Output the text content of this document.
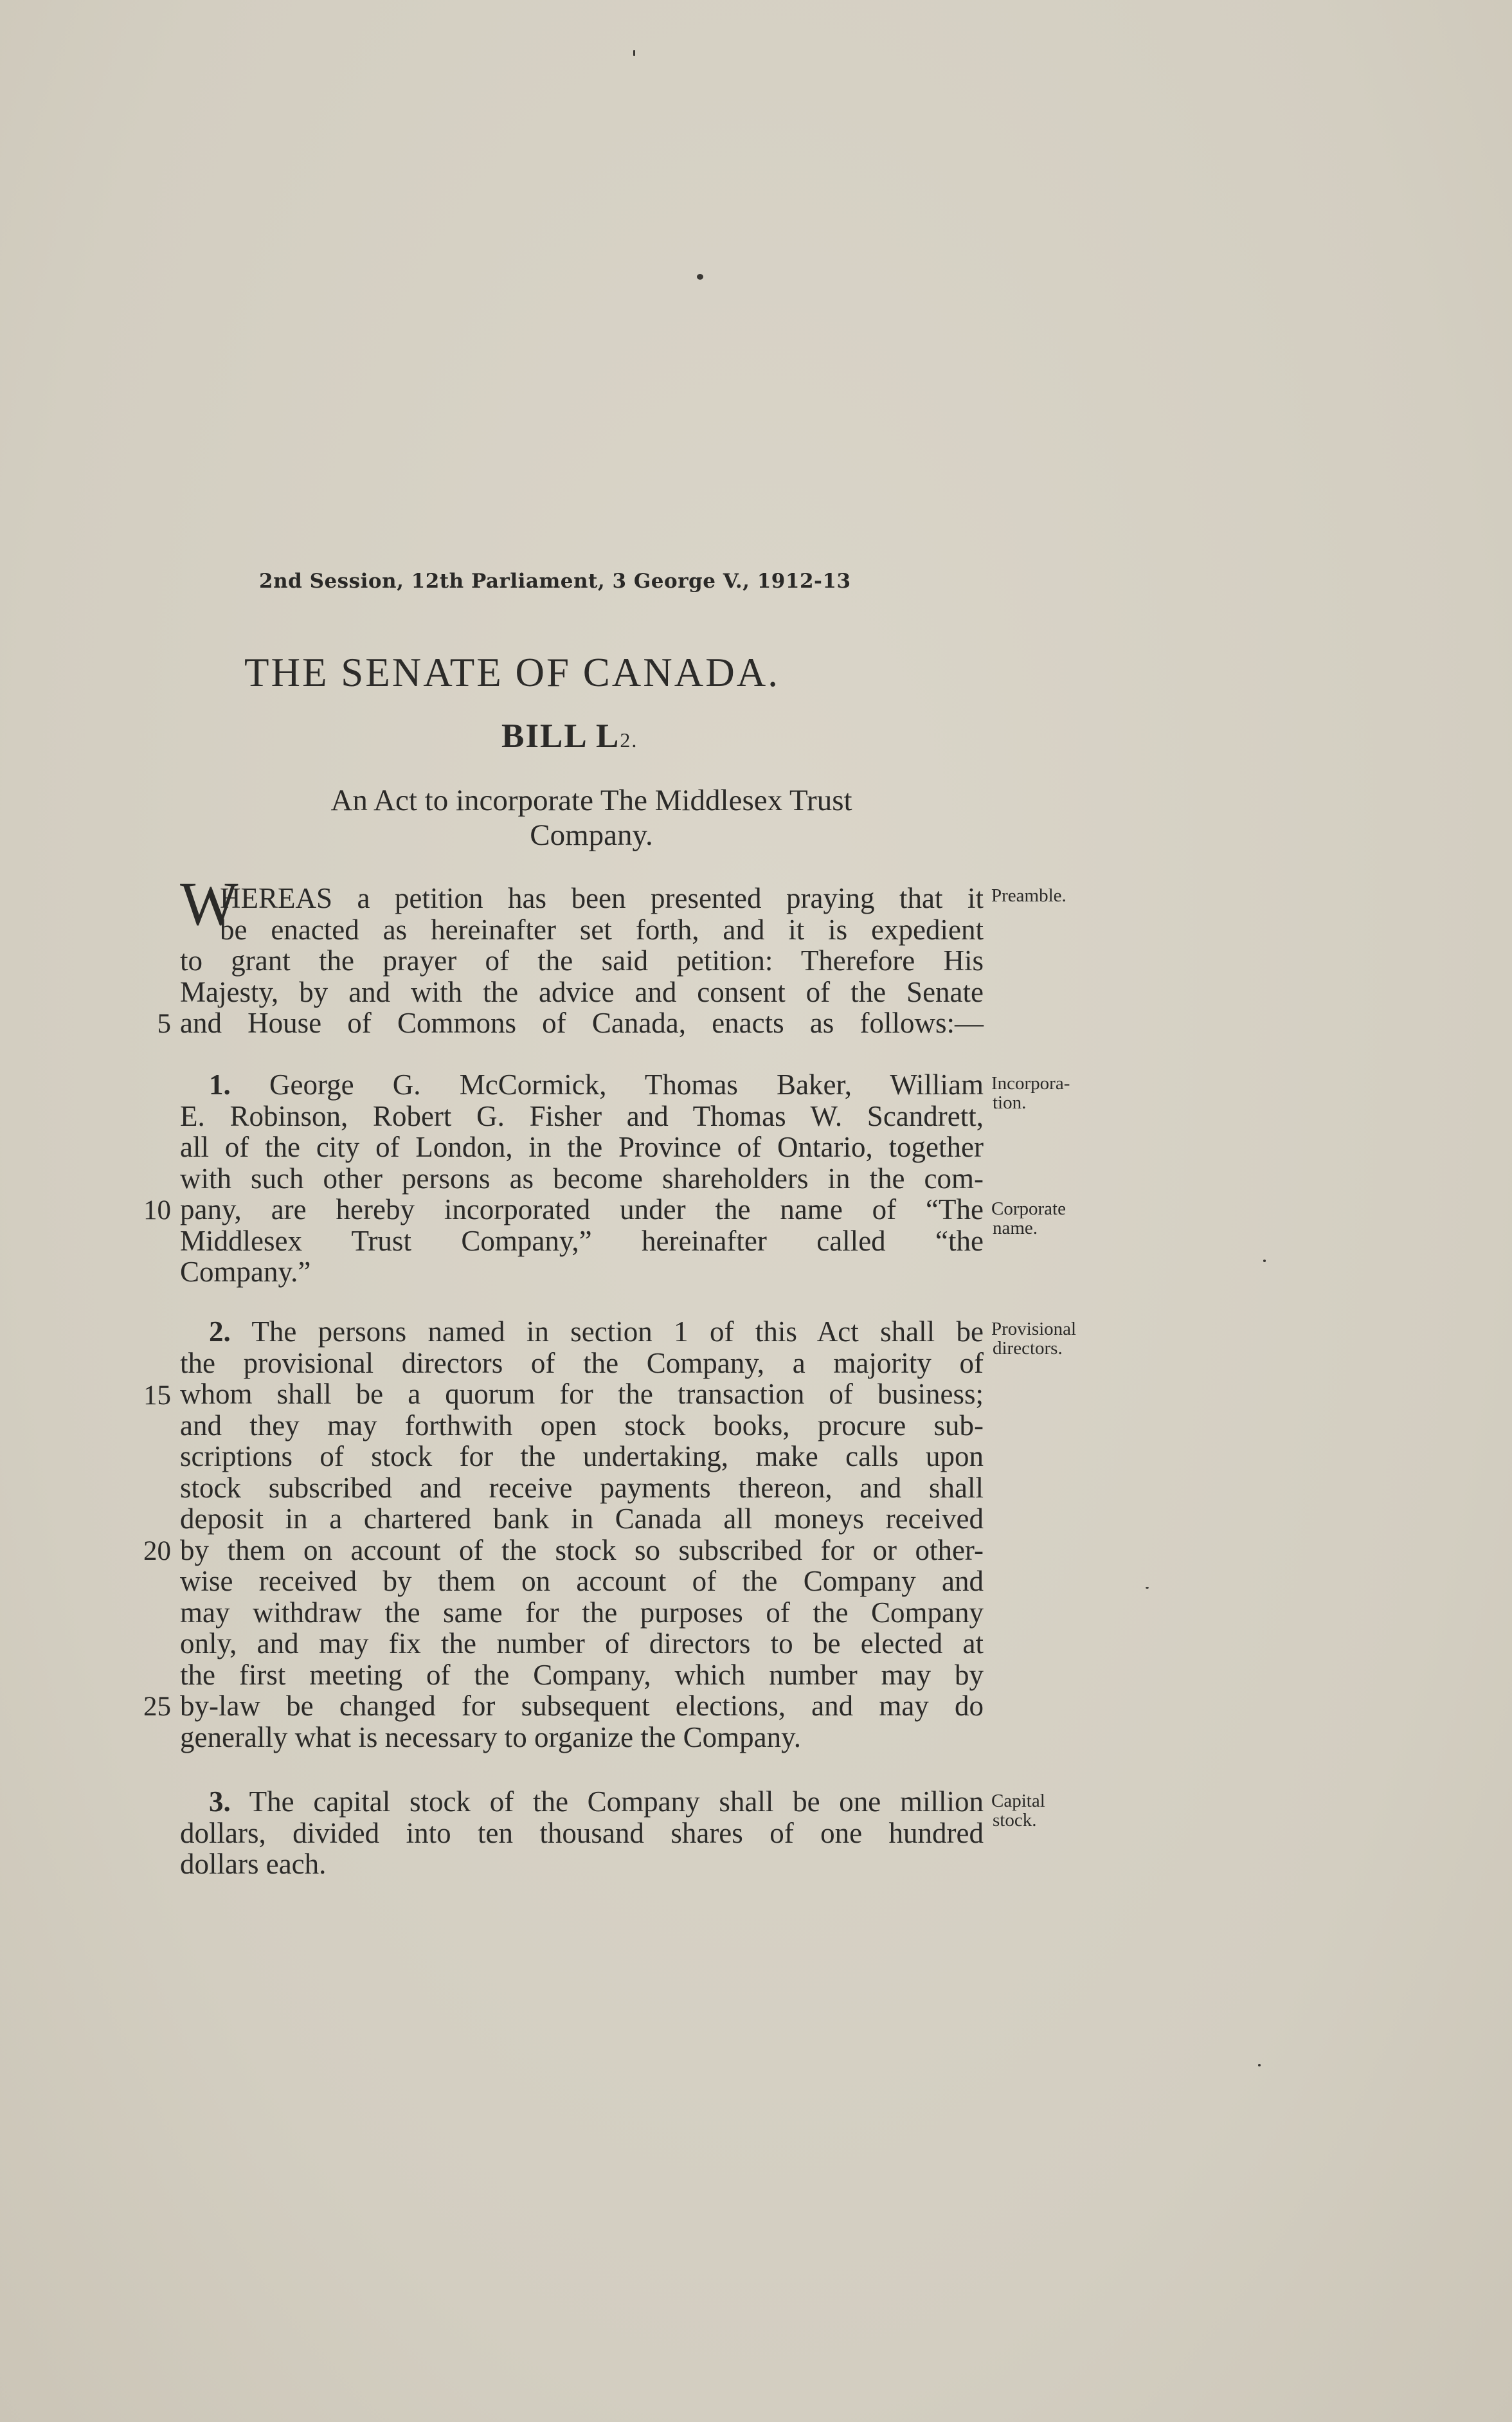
2nd Session, 12th Parliament, 3 George V., 1912-13
THE SENATE OF CANADA.
BILL L2.
An Act to incorporate The Middlesex Trust
Company.
W
HEREAS a petition has been presented praying that it
be enacted as hereinafter set forth, and it is expedient
to grant the prayer of the said petition: Therefore His
Majesty, by and with the advice and consent of the Senate
and House of Commons of Canada, enacts as follows:—
Preamble.
5
1. George G. McCormick, Thomas Baker, William
E. Robinson, Robert G. Fisher and Thomas W. Scandrett,
all of the city of London, in the Province of Ontario, together
with such other persons as become shareholders in the com-
pany, are hereby incorporated under the name of “The
Middlesex Trust Company,” hereinafter called “the
Company.”
Incorpora-
tion.
10	Corporate
name.
2. The persons named in section 1 of this Act shall be
the provisional directors of the Company, a majority of
whom shall be a quorum for the transaction of business;
and they may forthwith open stock books, procure sub-
scriptions of stock for the undertaking, make calls upon
stock subscribed and receive payments thereon, and shall
deposit in a chartered bank in Canada all moneys received
by them on account of the stock so subscribed for or other-
wise received by them on account of the Company and
may withdraw the same for the purposes of the Company
only, and may fix the number of directors to be elected at
the first meeting of the Company, which number may by
by-law be changed for subsequent elections, and may do
generally what is necessary to organize the Company.
Provisional
directors.
15
20
25
3. The capital stock of the Company shall be one million
dollars, divided into ten thousand shares of one hundred
dollars each.
Capital
stock.
